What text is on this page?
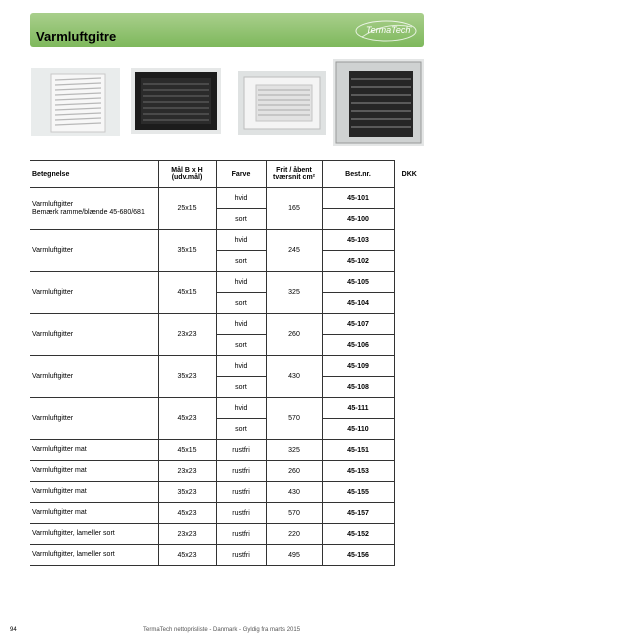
Varmluftgitre	TermaTech
Betegnelse	Mål B x H (udv.mål)	Farve	Frit / åbent tværsnit cm²	Best.nr.	DKK

Varmluftgitter
Bemærk ramme/blænde 45-680/681	25x15	hvid	165	45-101	
		sort		45-100	
Varmluftgitter	35x15	hvid	245	45-103	
		sort		45-102	
Varmluftgitter	45x15	hvid	325	45-105	
		sort		45-104	
Varmluftgitter	23x23	hvid	260	45-107	
		sort		45-106	
Varmluftgitter	35x23	hvid	430	45-109	
		sort		45-108	
Varmluftgitter	45x23	hvid	570	45-111	
		sort		45-110	
Varmluftgitter mat	45x15	rustfri	325	45-151	
Varmluftgitter mat	23x23	rustfri	260	45-153	
Varmluftgitter mat	35x23	rustfri	430	45-155	
Varmluftgitter mat	45x23	rustfri	570	45-157	
Varmluftgitter, lameller sort	23x23	rustfri	220	45-152	
Varmluftgitter, lameller sort	45x23	rustfri	495	45-156	
94	TermaTech nettoprisliste - Danmark - Gyldig fra marts 2015
